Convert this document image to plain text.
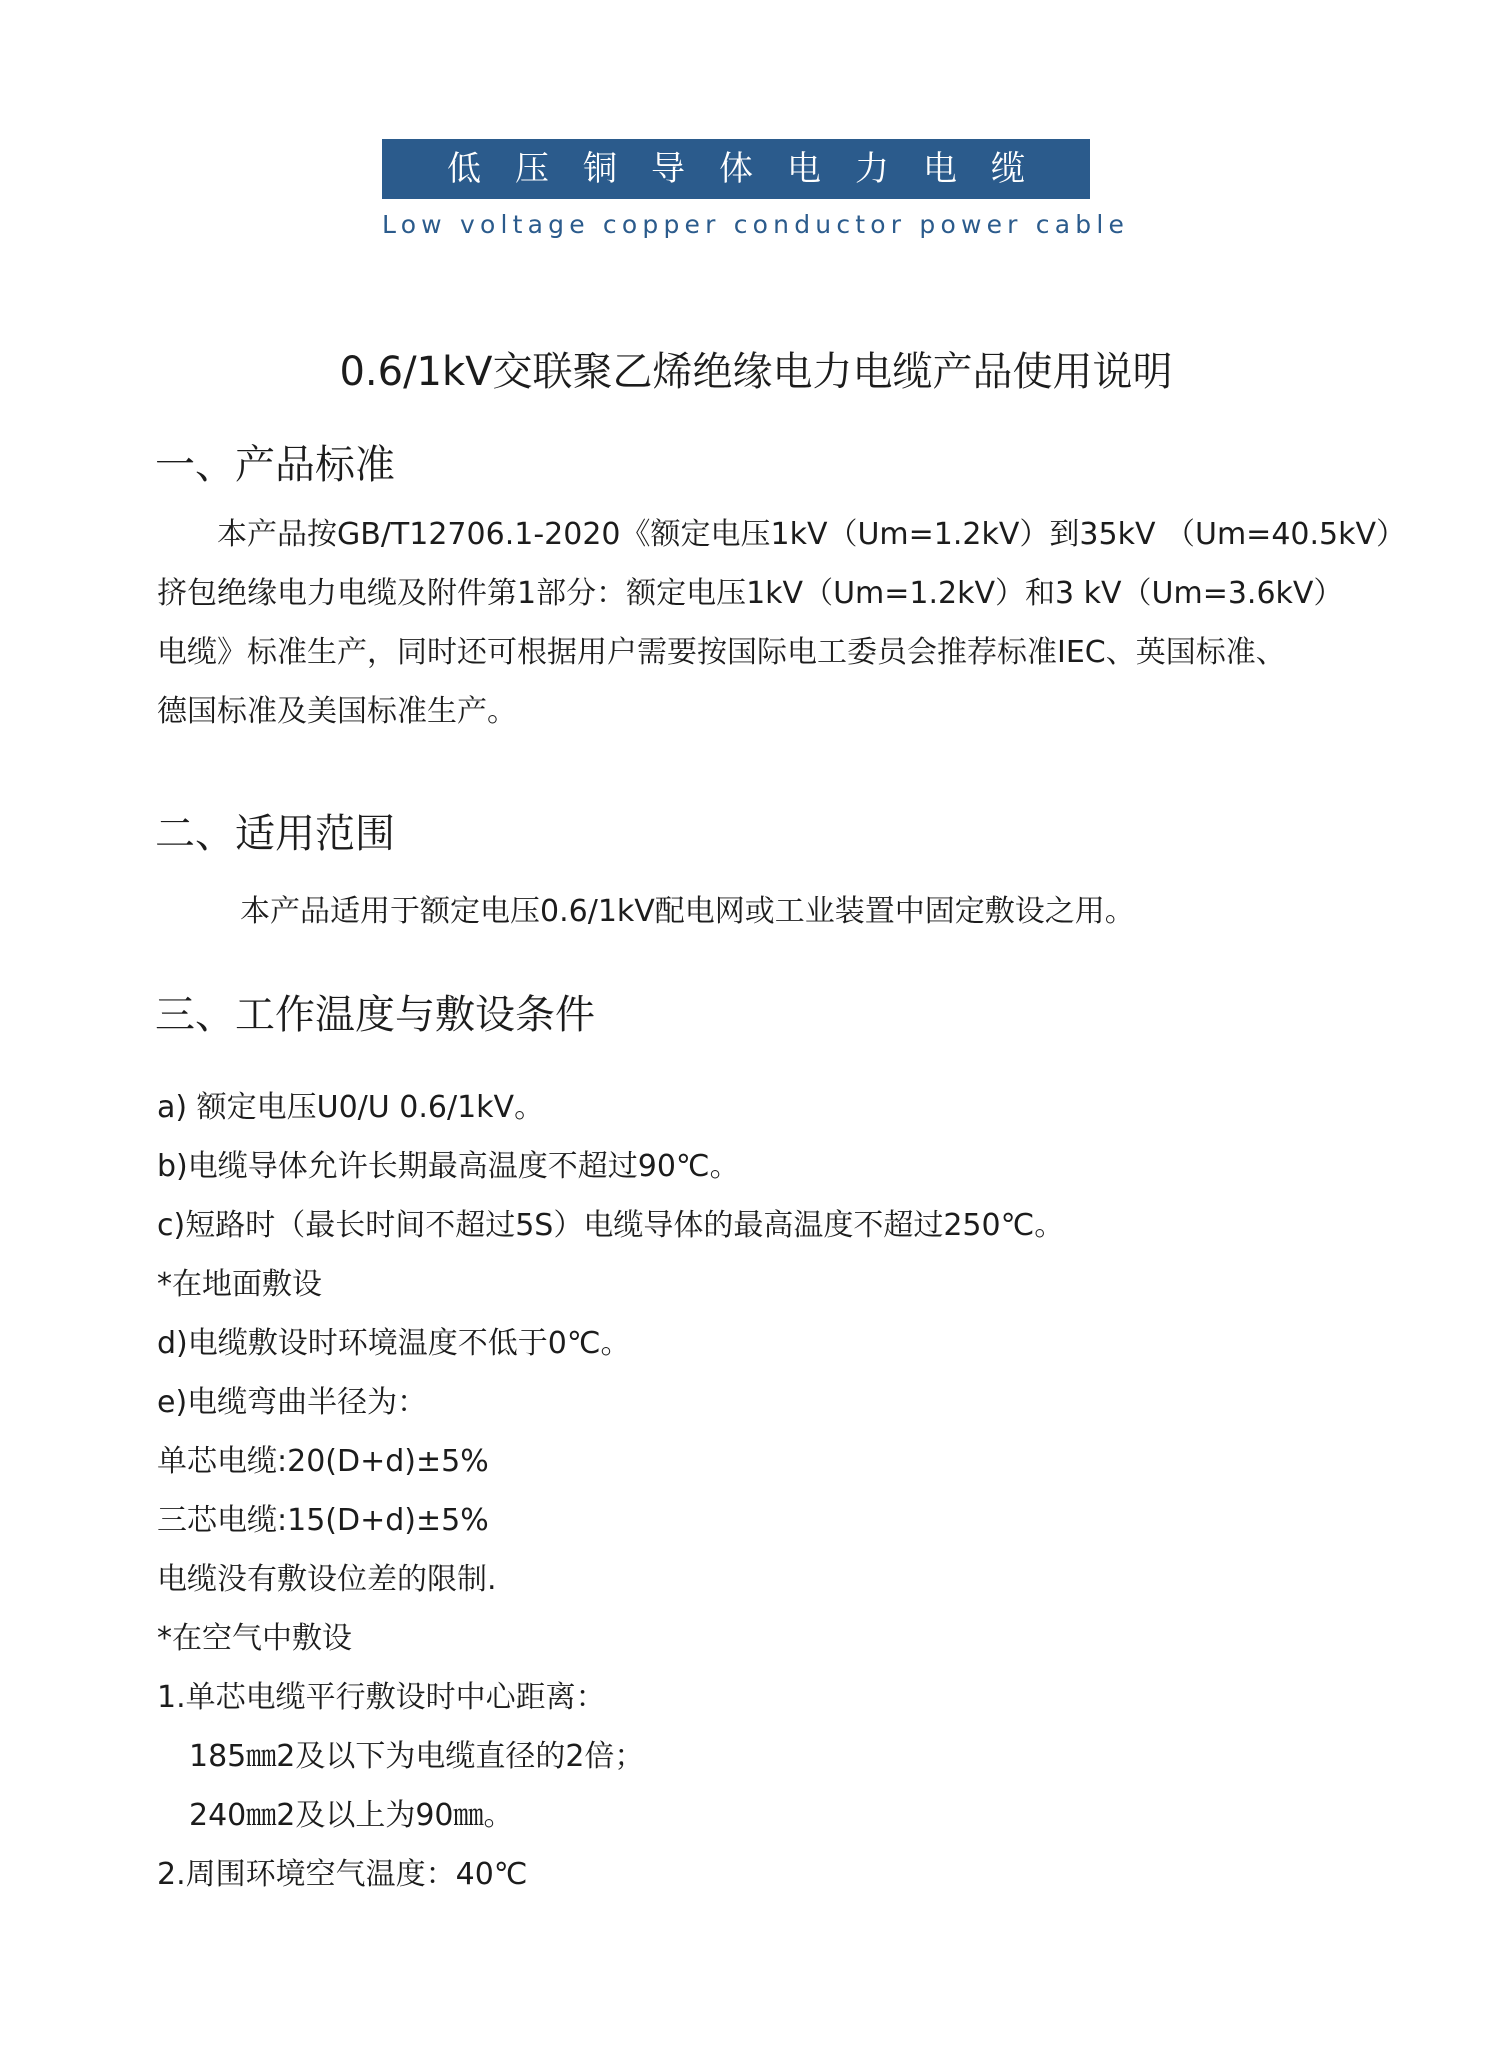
低压铜导体电力电缆
Low voltage copper conductor power cable
0.6/1kV交联聚乙烯绝缘电力电缆产品使用说明
一、产品标准
　　本产品按GB/T12706.1-2020《额定电压1kV（Um=1.2kV）到35kV （Um=40.5kV）
挤包绝缘电力电缆及附件第1部分：额定电压1kV（Um=1.2kV）和3 kV（Um=3.6kV）
电缆》标准生产，同时还可根据用户需要按国际电工委员会推荐标准IEC、英国标准、
德国标准及美国标准生产。
二、适用范围
本产品适用于额定电压0.6/1kV配电网或工业装置中固定敷设之用。
三、工作温度与敷设条件
a) 额定电压U0/U 0.6/1kV。
b)电缆导体允许长期最高温度不超过90℃。
c)短路时（最长时间不超过5S）电缆导体的最高温度不超过250℃。
*在地面敷设
d)电缆敷设时环境温度不低于0℃。
e)电缆弯曲半径为：
单芯电缆:20(D+d)±5%
三芯电缆:15(D+d)±5%
电缆没有敷设位差的限制.
*在空气中敷设
1.单芯电缆平行敷设时中心距离：
185㎜2及以下为电缆直径的2倍；
240㎜2及以上为90㎜。
2.周围环境空气温度：40℃
